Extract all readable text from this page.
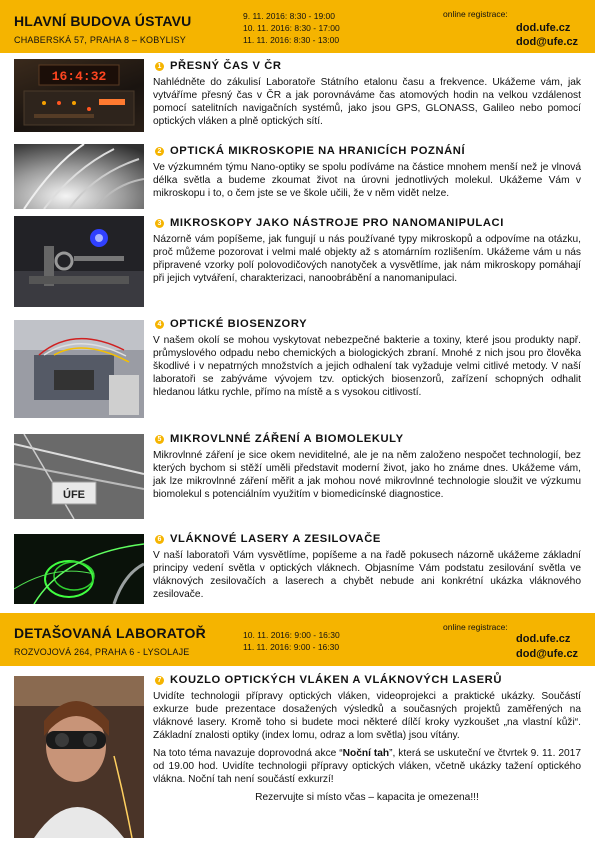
HLAVNÍ BUDOVA ÚSTAVU
CHABERSKÁ 57, PRAHA 8 – KOBYLISY
9. 11. 2016: 8:30 - 19:00
10. 11. 2016: 8:30 - 17:00
11. 11. 2016: 8:30 - 13:00
online registrace:
dod.ufe.cz
dod@ufe.cz
16:4:32
1 PŘESNÝ ČAS V ČR

Nahlédněte do zákulisí Laboratoře Státního etalonu času a frekvence. Ukážeme vám, jak vytváříme přesný čas v ČR a jak porovnáváme čas atomových hodin na velkou vzdálenost pomocí satelitních navigačních systémů, jako jsou GPS, GLONASS, Galileo nebo pomocí optických vláken a plně optických sítí.

2 OPTICKÁ MIKROSKOPIE NA HRANICÍCH POZNÁNÍ

Ve výzkumném týmu Nano-optiky se spolu podíváme na částice mnohem menší než je vlnová délka světla a budeme zkoumat život na úrovni jednotlivých molekul. Ukážeme Vám v mikroskopu i to, o čem jste se ve škole učili, že v něm vidět nelze.

3 MIKROSKOPY JAKO NÁSTROJE PRO NANOMANIPULACI

Názorně vám popíšeme, jak fungují u nás používané typy mikroskopů a odpovíme na otázku, proč můžeme pozorovat i velmi malé objekty až s atomárním rozlišením. Ukážeme vám u nás připravené vzorky polí polovodičových nanotyček a vysvětlíme, jak nám mikroskopy pomáhají při jejich vytváření, charakterizaci, nanoobrábění a nanomanipulaci.

4 OPTICKÉ BIOSENZORY

V našem okolí se mohou vyskytovat nebezpečné bakterie a toxiny, které jsou produkty např. průmyslového odpadu nebo chemických a biologických zbraní. Mnohé z nich jsou pro člověka škodlivé i v nepatrných množstvích a jejich odhalení tak vyžaduje velmi citlivé metody. V naší laboratoři se zabýváme vývojem tzv. optických biosenzorů, zařízení schopných odhalit hledanou látku rychle, přímo na místě a s vysokou citlivostí.

ÚFE
5 MIKROVLNNÉ ZÁŘENÍ A BIOMOLEKULY

Mikrovlnné záření je sice okem neviditelné, ale je na něm založeno nespočet technologií, bez kterých bychom si stěží uměli představit moderní život, jako ho známe dnes. Ukážeme vám, jak lze mikrovlnné záření měřit a jak mohou nové mikrovlnné technologie sloužit ve výzkumu biomolekul s potenciálním využitím v biomedicínské diagnostice.

6 VLÁKNOVÉ LASERY A ZESILOVAČE

V naší laboratoři Vám vysvětlíme, popíšeme a na řadě pokusech názorně ukážeme základní principy vedení světla v optických vláknech. Objasníme Vám podstatu zesilování světla ve vláknových zesilovačích a laserech a chybět nebude ani konkrétní ukázka vláknového zesilovače.

DETAŠOVANÁ LABORATOŘ
ROZVOJOVÁ 264, PRAHA 6 - LYSOLAJE
10. 11. 2016: 9:00 - 16:30
11. 11. 2016: 9:00 - 16:30
online registrace:
dod.ufe.cz
dod@ufe.cz
7 KOUZLO OPTICKÝCH VLÁKEN A VLÁKNOVÝCH LASERŮ

Uvidíte technologii přípravy optických vláken, videoprojekci a praktické ukázky. Součástí exkurze bude prezentace dosažených výsledků a současných projektů zaměřených na vláknové lasery. Kromě toho si budete moci některé dílčí kroky vyzkoušet „na vlastní kůži“. Základní znalosti optiky (index lomu, odraz a lom světla) jsou vítány.

Na toto téma navazuje doprovodná akce “Noční tah”, která se uskuteční ve čtvrtek 9. 11. 2017 od 19.00 hod. Uvidíte technologii přípravy optických vláken, včetně ukázky tažení optického vlákna. Noční tah není součástí exkurzí!

Rezervujte si místo včas – kapacita je omezena!!!
